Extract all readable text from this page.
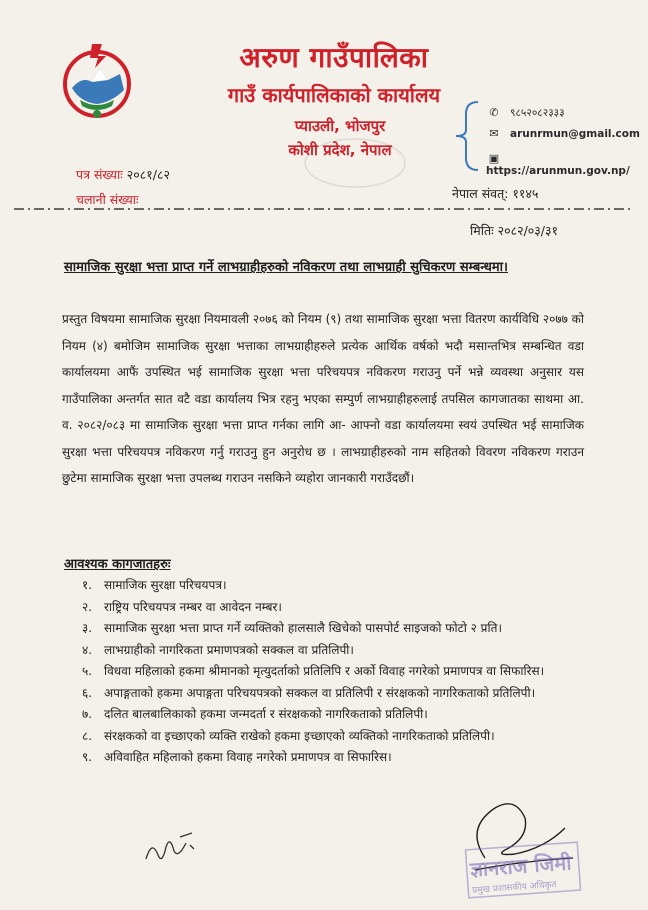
अरुण गाउँपालिका
गाउँ कार्यपालिकाको कार्यालय
प्याउली, भोजपुर
कोशी प्रदेश, नेपाल
✆ ९८५२०८२३३३
✉ arunrmun@gmail.com
▣https://arunmun.gov.np/
पत्र संख्याः २०८१/८२
चलानी संख्याः	नेपाल संवत्: ११४५
मितिः २०८२/०३/३१
सामाजिक सुरक्षा भत्ता प्राप्त गर्ने लाभग्राहीहरुको नविकरण तथा लाभग्राही सुचिकरण सम्बन्धमा।
प्रस्तुत विषयमा सामाजिक सुरक्षा नियमावली २०७६ को नियम (९) तथा सामाजिक सुरक्षा भत्ता वितरण कार्यविधि २०७७ को नियम (४) बमोजिम सामाजिक सुरक्षा भत्ताका लाभग्राहीहरुले प्रत्येक आर्थिक वर्षको भदौ मसान्तभित्र सम्बन्धित वडा कार्यालयमा आफैं उपस्थित भई सामाजिक सुरक्षा भत्ता परिचयपत्र नविकरण गराउनु पर्ने भन्ने व्यवस्था अनुसार यस गाउँपालिका अन्तर्गत सात वटै वडा कार्यालय भित्र रहनु भएका सम्पुर्ण लाभग्राहीहरुलाई तपसिल कागजातका साथमा आ. व. २०८२/०८३ मा सामाजिक सुरक्षा भत्ता प्राप्त गर्नका लागि आ- आफ्नो वडा कार्यालयमा स्वयं उपस्थित भई सामाजिक सुरक्षा भत्ता परिचयपत्र नविकरण गर्नु गराउनु हुन अनुरोध छ । लाभग्राहीहरुको नाम सहितको विवरण नविकरण गराउन छुटेमा सामाजिक सुरक्षा भत्ता उपलब्ध गराउन नसकिने व्यहोरा जानकारी गराउँदछौं।
आवश्यक कागजातहरुः
१. सामाजिक सुरक्षा परिचयपत्र।
२. राष्ट्रिय परिचयपत्र नम्बर वा आवेदन नम्बर।
३. सामाजिक सुरक्षा भत्ता प्राप्त गर्ने व्यक्तिको हालसालै खिचेको पासपोर्ट साइजको फोटो २ प्रति।
४. लाभग्राहीको नागरिकता प्रमाणपत्रको सक्कल वा प्रतिलिपी।
५. विधवा महिलाको हकमा श्रीमानको मृत्युदर्ताको प्रतिलिपि र अर्को विवाह नगरेको प्रमाणपत्र वा सिफारिस।
६. अपाङ्गताको हकमा अपाङ्गता परिचयपत्रको सक्कल वा प्रतिलिपी र संरक्षकको नागरिकताको प्रतिलिपी।
७. दलित बालबालिकाको हकमा जन्मदर्ता र संरक्षकको नागरिकताको प्रतिलिपी।
८. संरक्षकको वा इच्छाएको व्यक्ति राखेको हकमा इच्छाएको व्यक्तिको नागरिकताको प्रतिलिपी।
९. अविवाहित महिलाको हकमा विवाह नगरेको प्रमाणपत्र वा सिफारिस।
ज्ञानराज जिमी
प्रमुख प्रशासकीय अधिकृत
